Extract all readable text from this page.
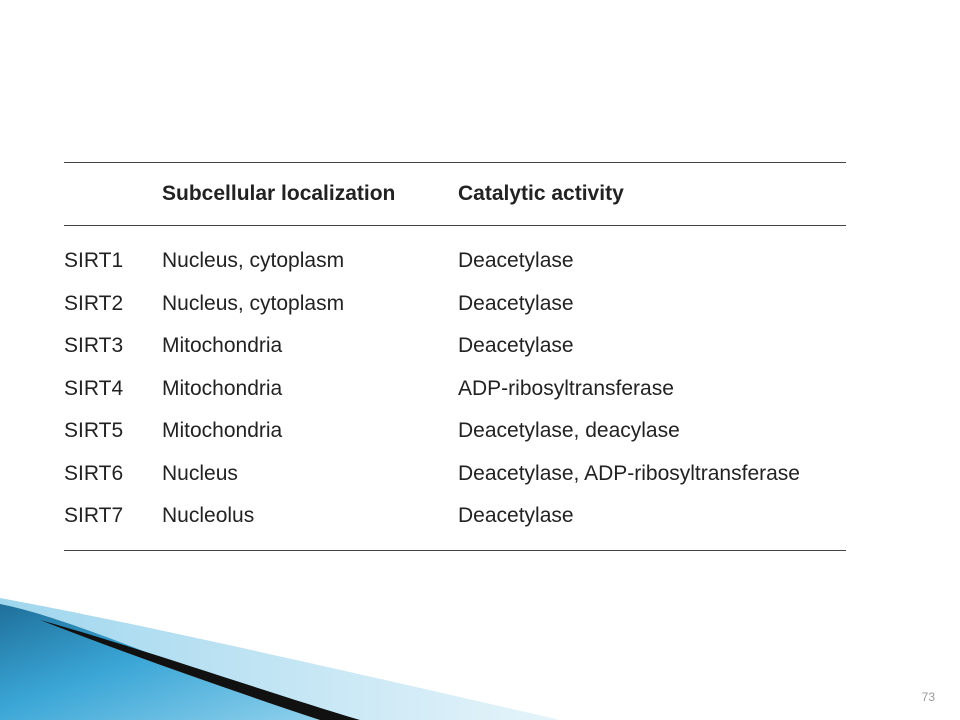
	Subcellular localization	Catalytic activity

SIRT1	Nucleus, cytoplasm	Deacetylase
SIRT2	Nucleus, cytoplasm	Deacetylase
SIRT3	Mitochondria	Deacetylase
SIRT4	Mitochondria	ADP-ribosyltransferase
SIRT5	Mitochondria	Deacetylase, deacylase
SIRT6	Nucleus	Deacetylase, ADP-ribosyltransferase
SIRT7	Nucleolus	Deacetylase

73
